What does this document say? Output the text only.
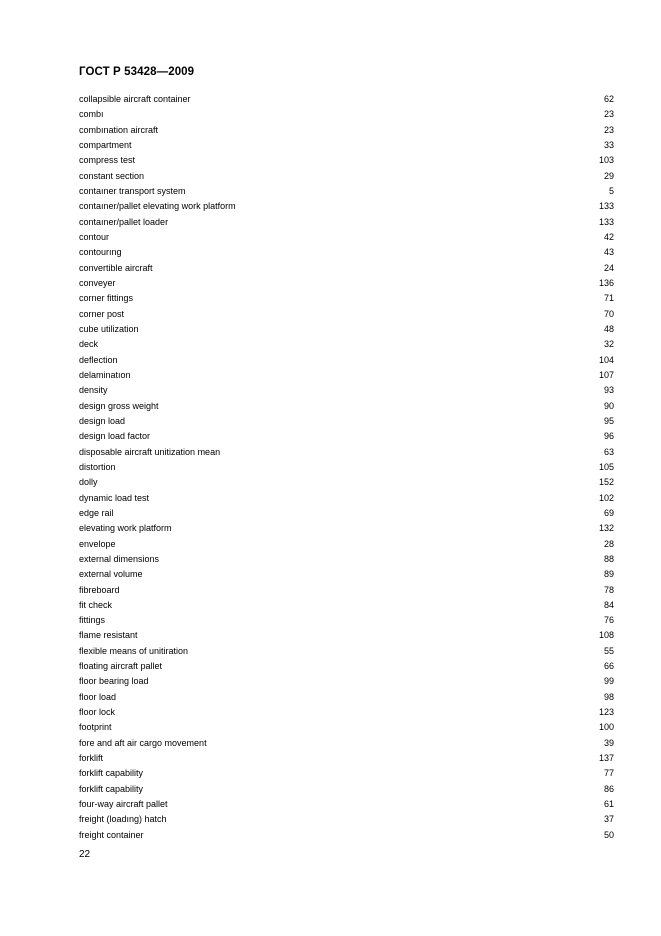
ГОСТ Р 53428—2009
collapsible aircraft container	62
combı	23
combınation aircraft	23
compartment	33
compress test	103
constant section	29
contaıner transport system	5
contaıner/pallet elevating work platform	133
contaıner/pallet loader	133
contour	42
contourıng	43
convertible aircraft	24
conveyer	136
corner fittings	71
corner post	70
cube utilization	48
deck	32
deflection	104
delaminatıon	107
density	93
design gross weight	90
design load	95
design load factor	96
disposable aircraft unitization mean	63
distortion	105
dolly	152
dynamic load test	102
edge rail	69
elevating work platform	132
envelope	28
external dimensions	88
external volume	89
fibreboard	78
fit check	84
fittings	76
flame resistant	108
flexible means of unitiration	55
floating aircraft pallet	66
floor bearing load	99
floor load	98
floor lock	123
footprint	100
fore and aft air cargo movement	39
forklift	137
forklift capability	77
forklift capability	86
four-way aircraft pallet	61
freight (loadıng) hatch	37
freight container	50
22
